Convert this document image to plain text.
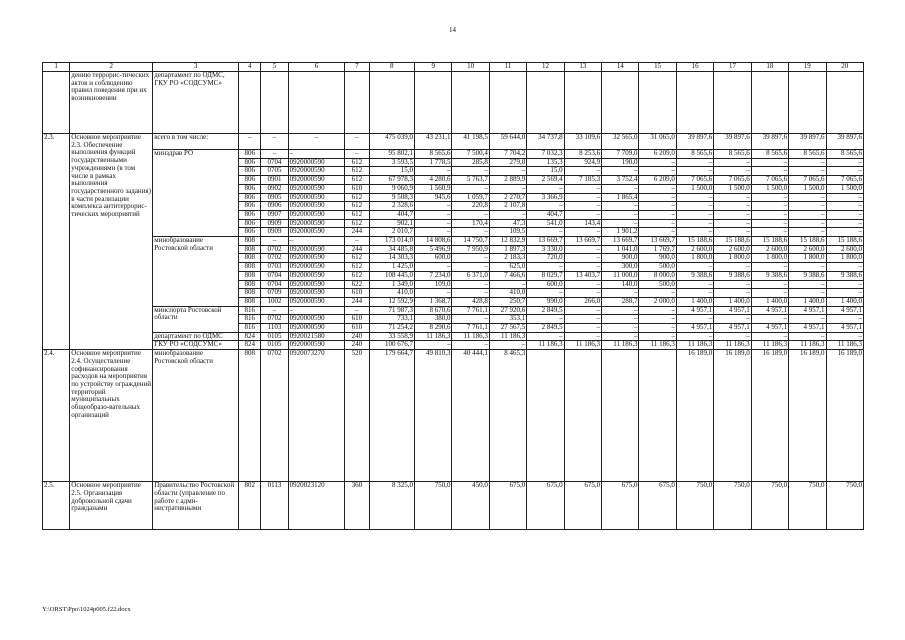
14
1	2	3	4	5	6	7	8	9	10	11	12	13	14	15	16	17	18	19	20
	дению террорис-тических актов и соблюдению правил поведения при их возникновении	департамент по ОДМС, ГКУ РО «СОДСУМС»																	
2.3.	Основное мероприятие 2.3. Обеспечение выполнения функций государственными учреждениями (в том числе в рамках выполнения государственного задания) в части реализации комплекса антитеррорис-тических мероприятий	всего в том числе:	–	–	–	–	475 039,0	43 231,1	41 198,5	59 644,0	34 737,8	33 109,6	32 565,0	31 065,0	39 897,6	39 897,6	39 897,6	39 897,6	39 897,6
		минздрав РО	806	–	–	–	95 802,1	8 565,6	7 500,4	7 704,2	7 032,3	8 253,6	7 709,0	6 209,0	8 565,6	8 565,6	8 565,6	8 565,6	8 565,6
			806	0704	0920000590	612	3 593,5	1 778,5	285,8	279,0	135,3	924,9	190,0	–	–	–	–	–	–
			806	0705	0920000590	612	15,0	–	–	–	15,0	–	–	–	–	–	–	–	–
			806	0901	0920000590	612	67 978,3	4 280,6	5 763,7	2 889,9	2 569,4	7 185,3	3 752,4	6 209,0	7 065,6	7 065,6	7 065,6	7 065,6	7 065,6
			806	0902	0920000590	610	9 060,9	1 560,9	–	–	–	–	–	–	1 500,0	1 500,0	1 500,0	1 500,0	1 500,0
			806	0905	0920000590	612	9 508,3	945,6	1 059,7	2 270,7	3 366,9	–	1 865,4	–	–	–	–	–	–
			806	0906	0920000590	612	2 328,6	–	220,8	2 107,8	–	–	–	–	–	–	–	–	–
			806	0907	0920000590	612	404,7	–	–	–	404,7	–	–	–	–	–	–	–	–
			806	0909	0920000590	612	902,1	–	170,4	47,3	541,0	143,4	–	–	–	–	–	–	–
			806	0909	0920000590	244	2 010,7	–	–	109,5	–	–	1 901,2	–	–	–	–	–	–
		минобразование Ростовской области	808	–	–	–	173 014,0	14 808,6	14 750,7	12 832,9	13 669,7	13 669,7	13 669,7	13 669,7	15 188,6	15 188,6	15 188,6	15 188,6	15 188,6
			808	0702	0920000590	244	34 485,8	5 496,9	7 950,9	1 897,3	3 330,0	–	1 041,0	1 769,7	2 600,0	2 600,0	2 600,0	2 600,0	2 600,0
			808	0702	0920000590	612	14 303,3	600,0	–	2 183,3	720,0	–	900,0	900,0	1 800,0	1 800,0	1 800,0	1 800,0	1 800,0
			808	0703	0920000590	612	1 425,0	–	–	625,0	–	–	300,0	500,0	–	–	–	–	–
			808	0704	0920000590	612	108 445,0	7 234,0	6 371,0	7 466,6	8 029,7	13 403,7	11 000,0	8 000,0	9 388,6	9 388,6	9 388,6	9 388,6	9 388,6
			808	0704	0920000590	622	1 349,0	109,0	–	–	600,0	–	140,0	500,0	–	–	–	–	–
			808	0709	0920000590	610	410,0	–	–	410,0	–	–	–	–	–	–	–	–	–
			808	1002	0920000590	244	12 592,9	1 368,7	428,8	250,7	990,0	266,0	288,7	2 000,0	1 400,0	1 400,0	1 400,0	1 400,0	1 400,0
		минспорта Ростовской области	816	–	–	–	71 987,3	8 670,6	7 761,1	27 920,6	2 849,5	–	–	–	4 957,1	4 957,1	4 957,1	4 957,1	4 957,1
			816	0702	0920000590	610	733,1	380,0	–	353,1	–	–	–	–	–	–	–	–	–
			816	1103	0920000590	610	71 254,2	8 290,6	7 761,1	27 567,5	2 849,5	–	–	–	4 957,1	4 957,1	4 957,1	4 957,1	4 957,1
		департамент по ОДМС	824	0105	0920021580	240	33 558,9	11 186,3	11 186,3	11 186,3	–	–	–	–	–	–	–	–	–
		ГКУ РО «СОДСУМС»	824	0105	0920000590	240	100 676,7	–	–	–	11 186,3	11 186,3	11 186,3	11 186,3	11 186,3	11 186,3	11 186,3	11 186,3	11 186,3
2.4.	Основное мероприятие 2.4. Осуществление софинансирования расходов на мероприятия по устройству ограждений территорий муниципальных общеобразо-вательных организаций	минобразование Ростовской области	808	0702	0920073270	520	179 664,7	49 810,3	40 444,1	8 465,3					16 189,0	16 189,0	16 189,0	16 189,0	16 189,0
2.5.	Основное мероприятие 2.5. Организация добровольной сдачи гражданами	Правительство Ростовской области (управление по работе с адми-нистративными	802	0113	0920023120	360	8 325,0	750,0	450,0	675,0	675,0	675,0	675,0	675,0	750,0	750,0	750,0	750,0	750,0
Y:\ORST\Ppo\1024p005.f22.docx
